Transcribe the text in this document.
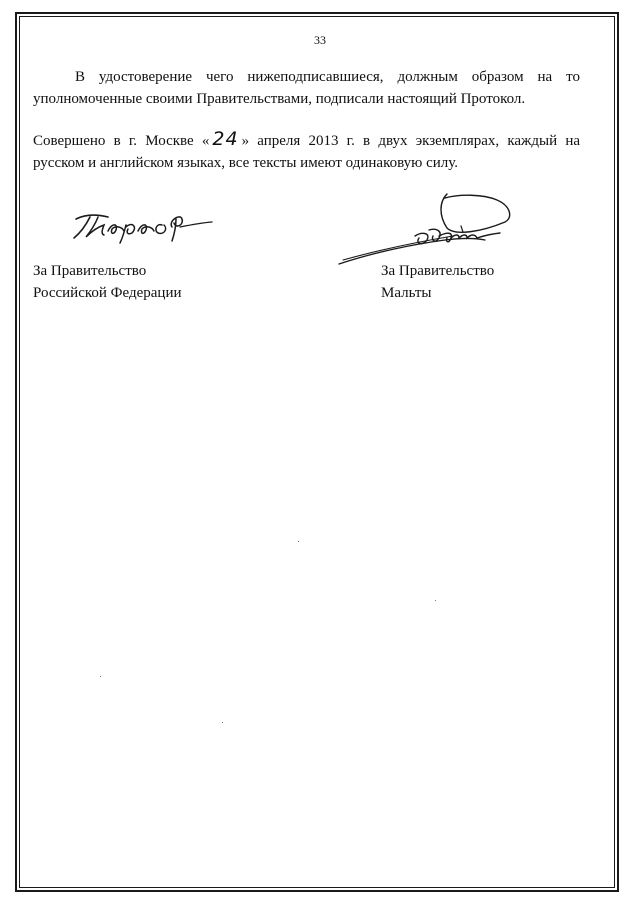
33

В удостоверение чего нижеподписавшиеся, должным образом на то уполномоченные своими Правительствами, подписали настоящий Протокол.

Совершено в г. Москве « 24 » апреля 2013 г. в двух экземплярах, каждый на русском и английском языках, все тексты имеют одинаковую силу.

За Правительство
Российской Федерации
За Правительство
Мальты
